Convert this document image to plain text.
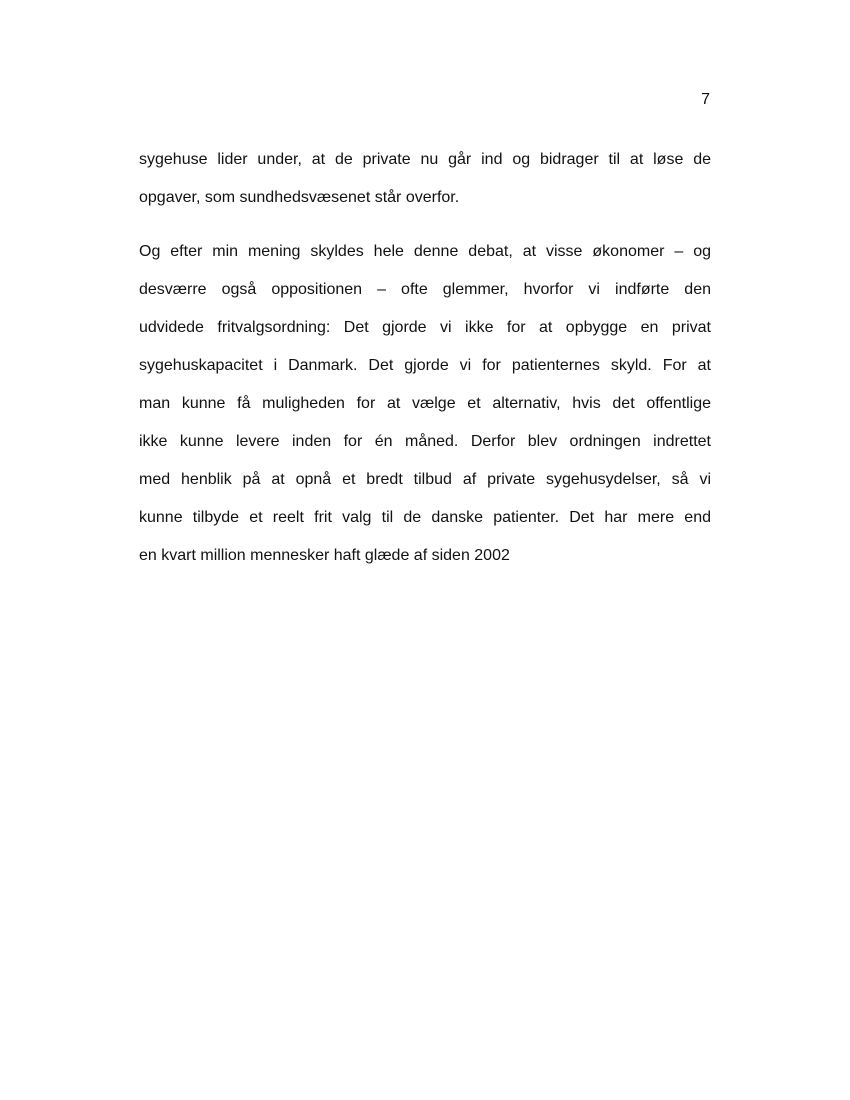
7
sygehuse lider under, at de private nu går ind og bidrager til at løse de
opgaver, som sundhedsvæsenet står overfor.
Og efter min mening skyldes hele denne debat, at visse økonomer – og
desværre også oppositionen – ofte glemmer, hvorfor vi indførte den
udvidede fritvalgsordning: Det gjorde vi ikke for at opbygge en privat
sygehuskapacitet i Danmark. Det gjorde vi for patienternes skyld. For at
man kunne få muligheden for at vælge et alternativ, hvis det offentlige
ikke kunne levere inden for én måned. Derfor blev ordningen indrettet
med henblik på at opnå et bredt tilbud af private sygehusydelser, så vi
kunne tilbyde et reelt frit valg til de danske patienter. Det har mere end
en kvart million mennesker haft glæde af siden 2002
